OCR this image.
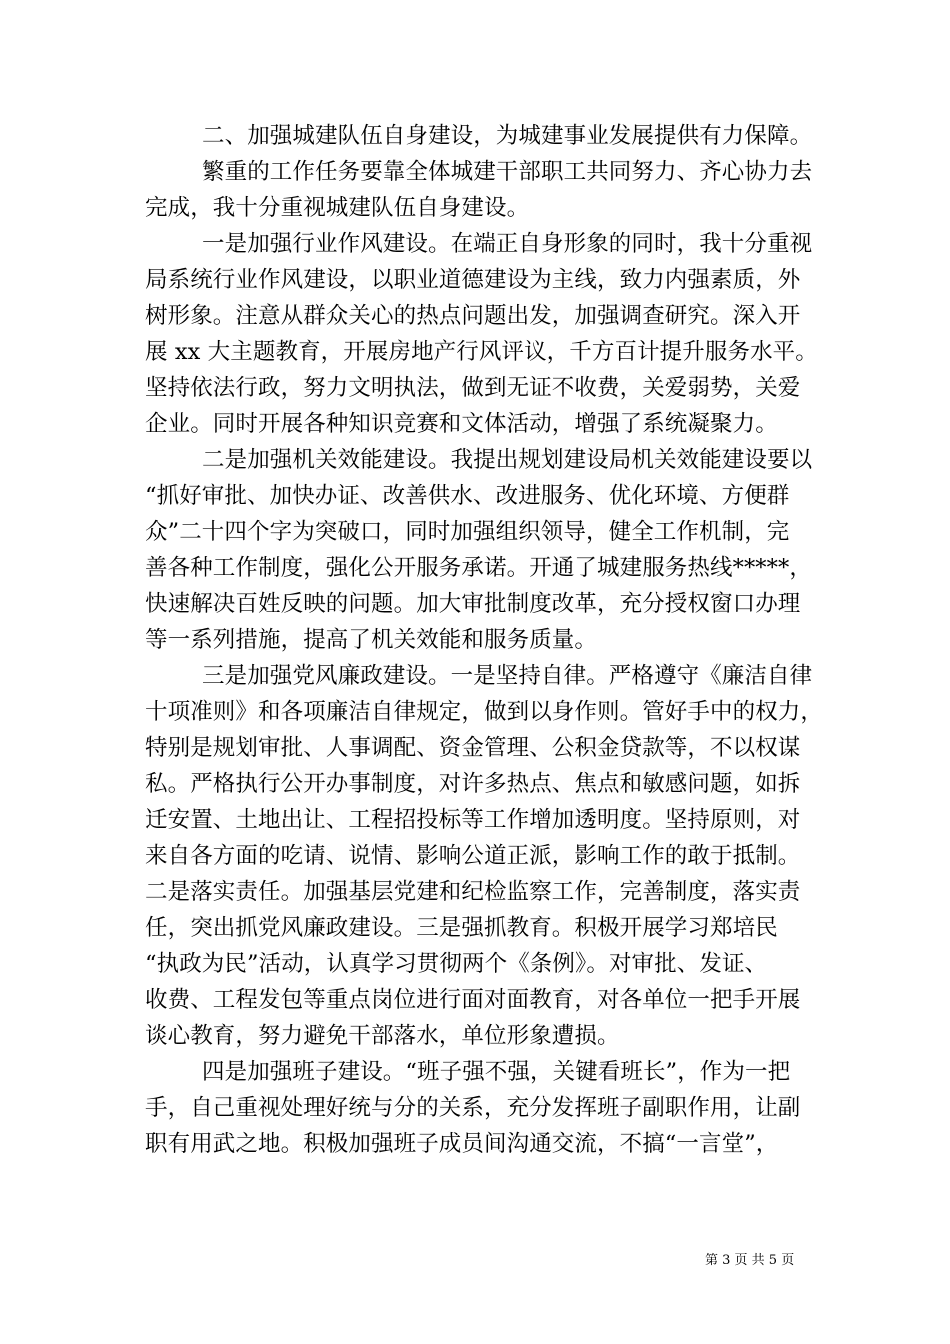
二、加强城建队伍自身建设，为城建事业发展提供有力保障。
繁重的工作任务要靠全体城建干部职工共同努力、齐心协力去
完成，我十分重视城建队伍自身建设。
一是加强行业作风建设。在端正自身形象的同时，我十分重视
局系统行业作风建设，以职业道德建设为主线，致力内强素质，外
树形象。注意从群众关心的热点问题出发，加强调查研究。深入开
展 xx 大主题教育，开展房地产行风评议，千方百计提升服务水平。
坚持依法行政，努力文明执法，做到无证不收费，关爱弱势，关爱
企业。同时开展各种知识竞赛和文体活动，增强了系统凝聚力。
二是加强机关效能建设。我提出规划建设局机关效能建设要以
“抓好审批、加快办证、改善供水、改进服务、优化环境、方便群
众”二十四个字为突破口，同时加强组织领导，健全工作机制，完
善各种工作制度，强化公开服务承诺。开通了城建服务热线*****，
快速解决百姓反映的问题。加大审批制度改革，充分授权窗口办理
等一系列措施，提高了机关效能和服务质量。
三是加强党风廉政建设。一是坚持自律。严格遵守《廉洁自律
十项准则》和各项廉洁自律规定，做到以身作则。管好手中的权力，
特别是规划审批、人事调配、资金管理、公积金贷款等，不以权谋
私。严格执行公开办事制度，对许多热点、焦点和敏感问题，如拆
迁安置、土地出让、工程招投标等工作增加透明度。坚持原则，对
来自各方面的吃请、说情、影响公道正派，影响工作的敢于抵制。
二是落实责任。加强基层党建和纪检监察工作，完善制度，落实责
任，突出抓党风廉政建设。三是强抓教育。积极开展学习郑培民
“执政为民”活动，认真学习贯彻两个《条例》。对审批、发证、
收费、工程发包等重点岗位进行面对面教育，对各单位一把手开展
谈心教育，努力避免干部落水，单位形象遭损。
四是加强班子建设。“班子强不强，关键看班长”，作为一把
手，自己重视处理好统与分的关系，充分发挥班子副职作用，让副
职有用武之地。积极加强班子成员间沟通交流，不搞“一言堂”，
第 3 页 共 5 页
